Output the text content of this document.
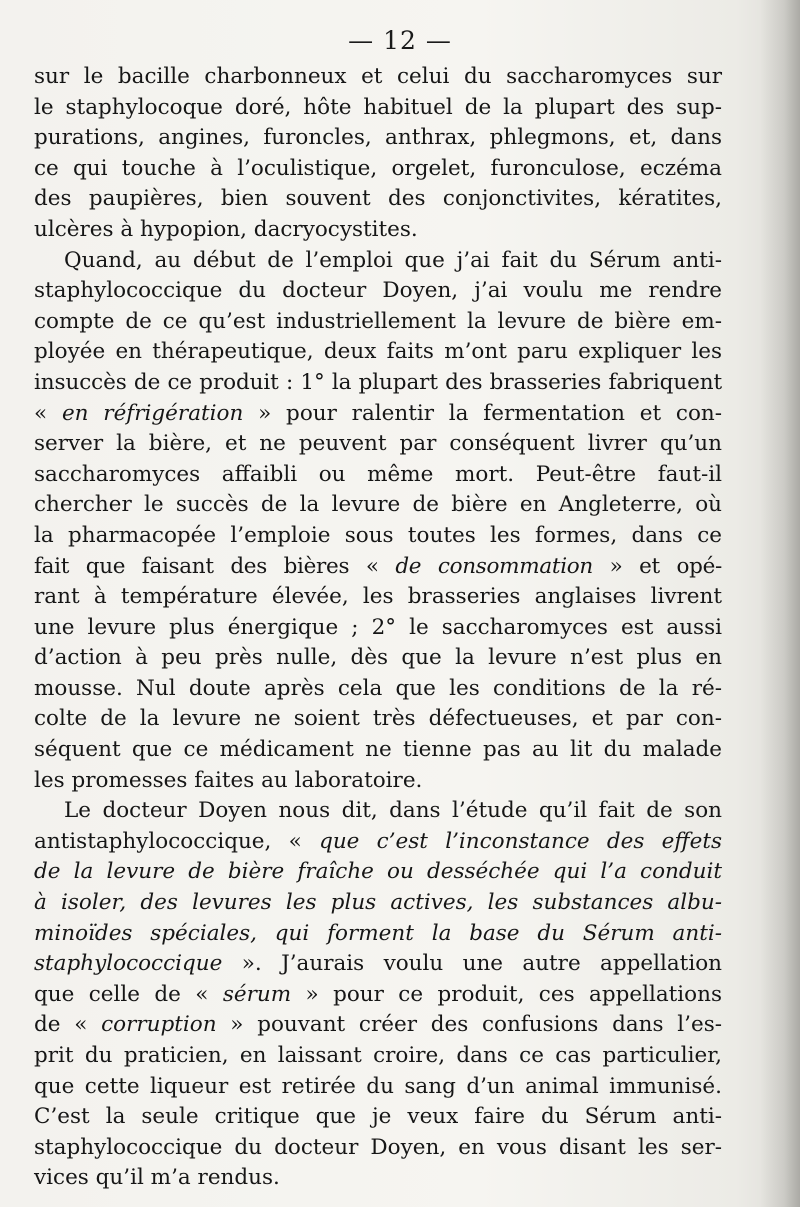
— 12 —
sur le bacille charbonneux et celui du saccharomyces sur
le staphylocoque doré, hôte habituel de la plupart des sup-
purations, angines, furoncles, anthrax, phlegmons, et, dans
ce qui touche à l’oculistique, orgelet, furonculose, eczéma
des paupières, bien souvent des conjonctivites, kératites,
ulcères à hypopion, dacryocystites.
Quand, au début de l’emploi que j’ai fait du Sérum anti-
staphylococcique du docteur Doyen, j’ai voulu me rendre
compte de ce qu’est industriellement la levure de bière em-
ployée en thérapeutique, deux faits m’ont paru expliquer les
insuccès de ce produit : 1° la plupart des brasseries fabriquent
« en réfrigération » pour ralentir la fermentation et con-
server la bière, et ne peuvent par conséquent livrer qu’un
saccharomyces affaibli ou même mort. Peut-être faut-il
chercher le succès de la levure de bière en Angleterre, où
la pharmacopée l’emploie sous toutes les formes, dans ce
fait que faisant des bières « de consommation » et opé-
rant à température élevée, les brasseries anglaises livrent
une levure plus énergique ; 2° le saccharomyces est aussi
d’action à peu près nulle, dès que la levure n’est plus en
mousse. Nul doute après cela que les conditions de la ré-
colte de la levure ne soient très défectueuses, et par con-
séquent que ce médicament ne tienne pas au lit du malade
les promesses faites au laboratoire.
Le docteur Doyen nous dit, dans l’étude qu’il fait de son
antistaphylococcique, « que c’est l’inconstance des effets
de la levure de bière fraîche ou desséchée qui l’a conduit
à isoler, des levures les plus actives, les substances albu-
minoïdes spéciales, qui forment la base du Sérum anti-
staphylococcique ». J’aurais voulu une autre appellation
que celle de « sérum » pour ce produit, ces appellations
de « corruption » pouvant créer des confusions dans l’es-
prit du praticien, en laissant croire, dans ce cas particulier,
que cette liqueur est retirée du sang d’un animal immunisé.
C’est la seule critique que je veux faire du Sérum anti-
staphylococcique du docteur Doyen, en vous disant les ser-
vices qu’il m’a rendus.
